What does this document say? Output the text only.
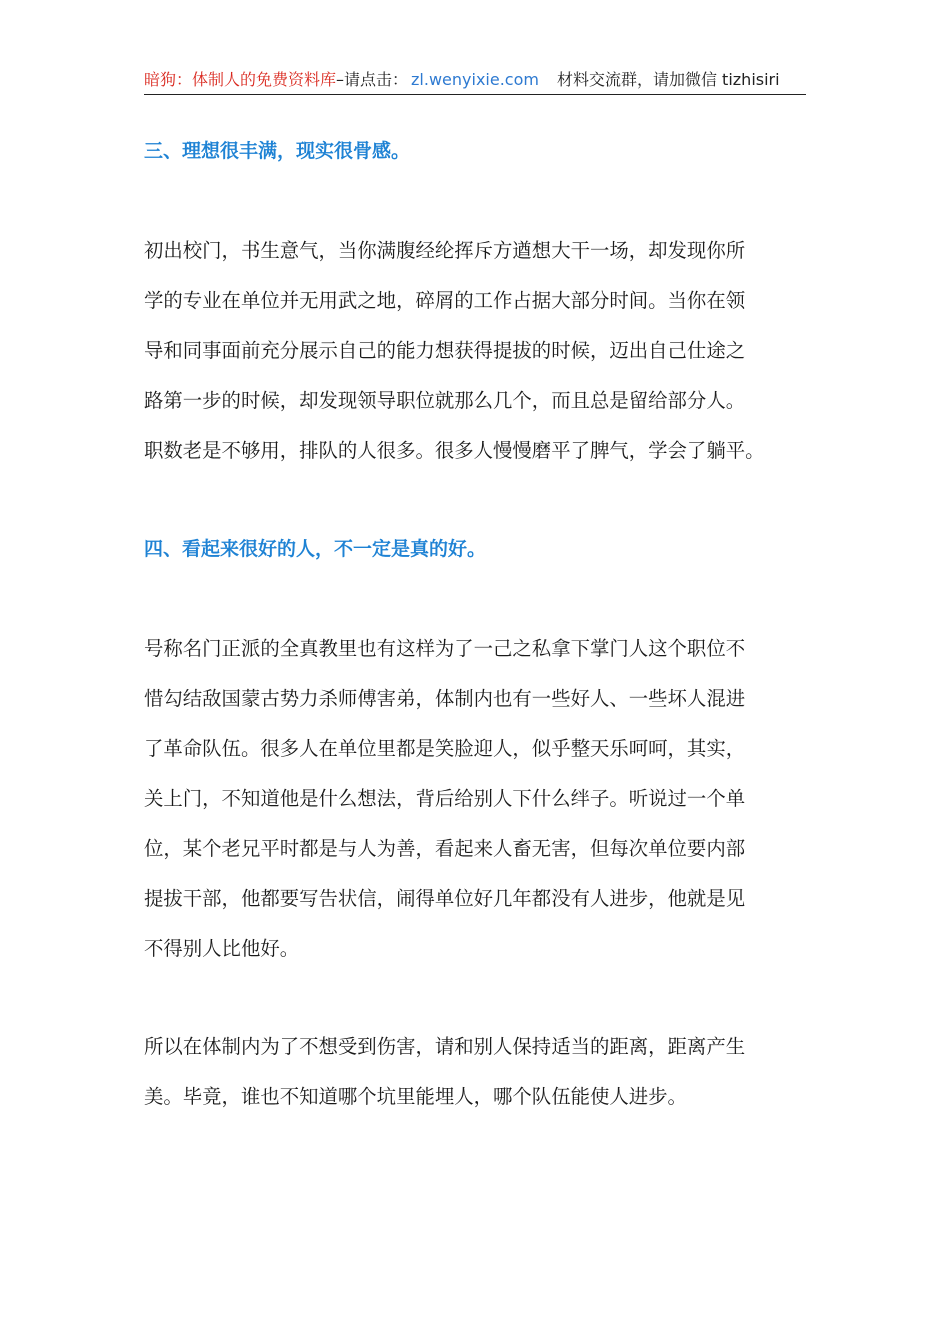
暗狗：体制人的免费资料库–请点击： zl.wenyixie.com 材料交流群，请加微信 tizhisiri
三、理想很丰满，现实很骨感。
初出校门，书生意气，当你满腹经纶挥斥方遒想大干一场，却发现你所
学的专业在单位并无用武之地，碎屑的工作占据大部分时间。当你在领
导和同事面前充分展示自己的能力想获得提拔的时候，迈出自己仕途之
路第一步的时候，却发现领导职位就那么几个，而且总是留给部分人。
职数老是不够用，排队的人很多。很多人慢慢磨平了脾气，学会了躺平。
四、看起来很好的人，不一定是真的好。
号称名门正派的全真教里也有这样为了一己之私拿下掌门人这个职位不
惜勾结敌国蒙古势力杀师傅害弟，体制内也有一些好人、一些坏人混进
了革命队伍。很多人在单位里都是笑脸迎人，似乎整天乐呵呵，其实，
关上门，不知道他是什么想法，背后给别人下什么绊子。听说过一个单
位，某个老兄平时都是与人为善，看起来人畜无害，但每次单位要内部
提拔干部，他都要写告状信，闹得单位好几年都没有人进步，他就是见
不得别人比他好。
所以在体制内为了不想受到伤害，请和别人保持适当的距离，距离产生
美。毕竟，谁也不知道哪个坑里能埋人，哪个队伍能使人进步。
